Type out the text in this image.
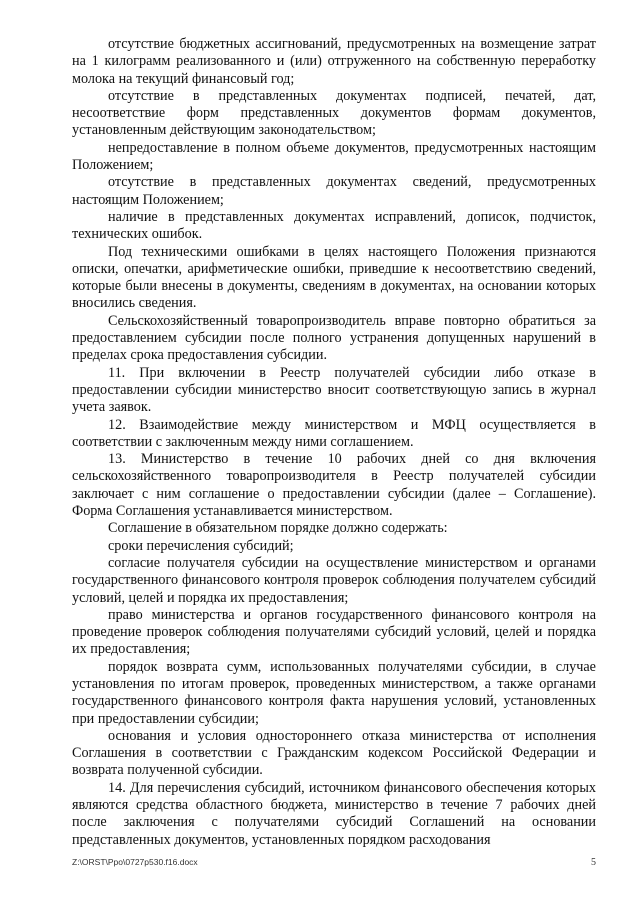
отсутствие бюджетных ассигнований, предусмотренных на возмещение затрат на 1 килограмм реализованного и (или) отгруженного на собственную переработку молока на текущий финансовый год;

отсутствие в представленных документах подписей, печатей, дат, несоответствие форм представленных документов формам документов, установленным действующим законодательством;

непредоставление в полном объеме документов, предусмотренных настоящим Положением;

отсутствие в представленных документах сведений, предусмотренных настоящим Положением;

наличие в представленных документах исправлений, дописок, подчисток, технических ошибок.

Под техническими ошибками в целях настоящего Положения признаются описки, опечатки, арифметические ошибки, приведшие к несоответствию сведений, которые были внесены в документы, сведениям в документах, на основании которых вносились сведения.

Сельскохозяйственный товаропроизводитель вправе повторно обратиться за предоставлением субсидии после полного устранения допущенных нарушений в пределах срока предоставления субсидии.

11. При включении в Реестр получателей субсидии либо отказе в предоставлении субсидии министерство вносит соответствующую запись в журнал учета заявок.

12. Взаимодействие между министерством и МФЦ осуществляется в соответствии с заключенным между ними соглашением.

13. Министерство в течение 10 рабочих дней со дня включения сельскохозяйственного товаропроизводителя в Реестр получателей субсидии заключает с ним соглашение о предоставлении субсидии (далее – Соглашение). Форма Соглашения устанавливается министерством.

Соглашение в обязательном порядке должно содержать:

сроки перечисления субсидий;

согласие получателя субсидии на осуществление министерством и органами государственного финансового контроля проверок соблюдения получателем субсидий условий, целей и порядка их предоставления;

право министерства и органов государственного финансового контроля на проведение проверок соблюдения получателями субсидий условий, целей и порядка их предоставления;

порядок возврата сумм, использованных получателями субсидии, в случае установления по итогам проверок, проведенных министерством, а также органами государственного финансового контроля факта нарушения условий, установленных при предоставлении субсидии;

основания и условия одностороннего отказа министерства от исполнения Соглашения в соответствии с Гражданским кодексом Российской Федерации и возврата полученной субсидии.

14. Для перечисления субсидий, источником финансового обеспечения которых являются средства областного бюджета, министерство в течение 7 рабочих дней после заключения с получателями субсидий Соглашений на основании представленных документов, установленных порядком расходования

Z:\ORST\Ppo\0727p530.f16.docx	5
